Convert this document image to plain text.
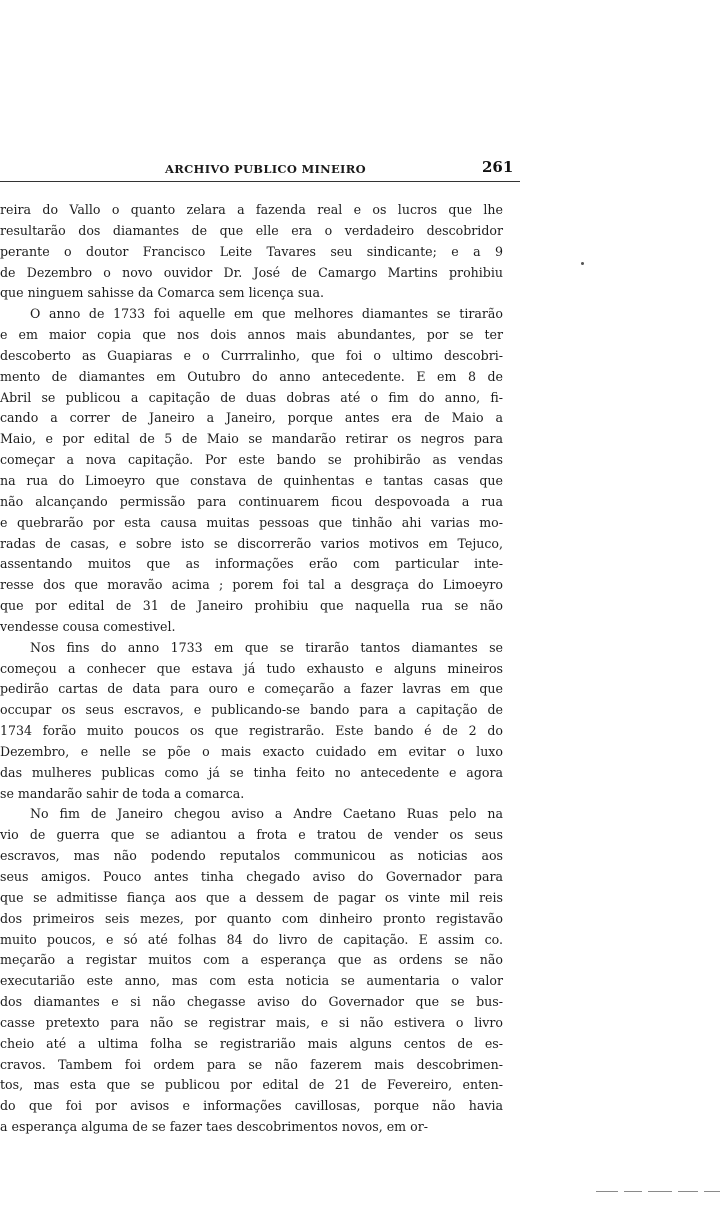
ARCHIVO PUBLICO MINEIRO	261
reira do Vallo o quanto zelara a fazenda real e os lucros que lhe
resultarão dos diamantes de que elle era o verdadeiro descobridor
perante o doutor Francisco Leite Tavares seu sindicante; e a 9
de Dezembro o novo ouvidor Dr. José de Camargo Martins prohibiu
que ninguem sahisse da Comarca sem licença sua.
O anno de 1733 foi aquelle em que melhores diamantes se tirarão
e em maior copia que nos dois annos mais abundantes, por se ter
descoberto as Guapiaras e o Currralinho, que foi o ultimo descobri-
mento de diamantes em Outubro do anno antecedente. E em 8 de
Abril se publicou a capitação de duas dobras até o fim do anno, fi-
cando a correr de Janeiro a Janeiro, porque antes era de Maio a
Maio, e por edital de 5 de Maio se mandarão retirar os negros para
começar a nova capitação. Por este bando se prohibirão as vendas
na rua do Limoeyro que constava de quinhentas e tantas casas que
não alcançando permissão para continuarem ficou despovoada a rua
e quebrarão por esta causa muitas pessoas que tinhão ahi varias mo-
radas de casas, e sobre isto se discorrerão varios motivos em Tejuco,
assentando muitos que as informações erão com particular inte-
resse dos que moravão acima ; porem foi tal a desgraça do Limoeyro
que por edital de 31 de Janeiro prohibiu que naquella rua se não
vendesse cousa comestivel.
Nos fins do anno 1733 em que se tirarão tantos diamantes se
começou a conhecer que estava já tudo exhausto e alguns mineiros
pedirão cartas de data para ouro e começarão a fazer lavras em que
occupar os seus escravos, e publicando-se bando para a capitação de
1734 forão muito poucos os que registrarão. Este bando é de 2 do
Dezembro, e nelle se põe o mais exacto cuidado em evitar o luxo
das mulheres publicas como já se tinha feito no antecedente e agora
se mandarão sahir de toda a comarca.
No fim de Janeiro chegou aviso a Andre Caetano Ruas pelo na
vio de guerra que se adiantou a frota e tratou de vender os seus
escravos, mas não podendo reputalos communicou as noticias aos
seus amigos. Pouco antes tinha chegado aviso do Governador para
que se admitisse fiança aos que a dessem de pagar os vinte mil reis
dos primeiros seis mezes, por quanto com dinheiro pronto registavão
muito poucos, e só até folhas 84 do livro de capitação. E assim co.
meçarão a registar muitos com a esperança que as ordens se não
executarião este anno, mas com esta noticia se aumentaria o valor
dos diamantes e si não chegasse aviso do Governador que se bus-
casse pretexto para não se registrar mais, e si não estivera o livro
cheio até a ultima folha se registrarião mais alguns centos de es-
cravos. Tambem foi ordem para se não fazerem mais descobrimen-
tos, mas esta que se publicou por edital de 21 de Fevereiro, enten-
do que foi por avisos e informações cavillosas, porque não havia
a esperança alguma de se fazer taes descobrimentos novos, em or-
